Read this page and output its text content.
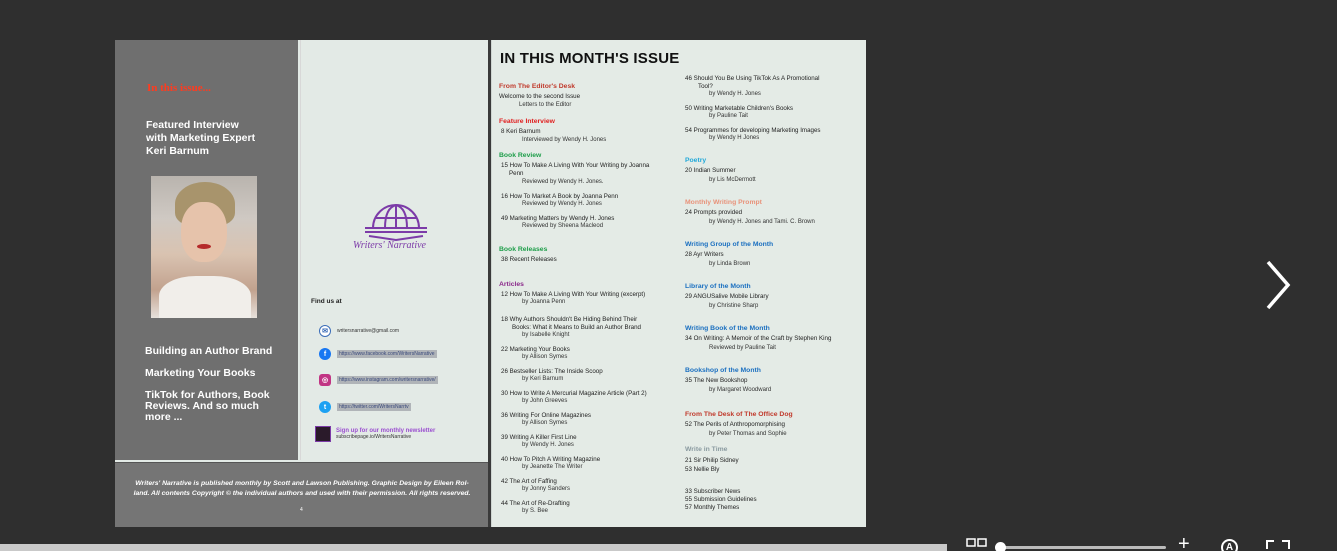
In this issue...
Featured Interview
with Marketing Expert
Keri Barnum
Building an Author Brand
Marketing Your Books
TikTok for Authors, Book
Reviews. And so much
more ...
Writers' Narrative
Find us at
✉	writersnarrative@gmail.com
f	https://www.facebook.com/WritersNarrative
◎	https://www.instagram.com/writersnarrative/
t	https://twitter.com/WritersNarrtv
Sign up for our monthly newsletter
subscribepage.io/WritersNarrative
Writers' Narrative is published monthly by Scott and Lawson Publishing. Graphic Design by Eileen Rol-
land. All contents Copyright © the individual authors and used with their permission. All rights reserved.
4
IN THIS MONTH'S ISSUE
From The Editor's Desk
Welcome to the second Issue
Letters to the Editor
Feature Interview
8 Keri Barnum
Interviewed by Wendy H. Jones
Book Review
15 How To Make A Living With Your Writing by Joanna
Penn
Reviewed by Wendy H. Jones.
16 How To Market A Book by Joanna Penn
Reviewed by Wendy H. Jones
49 Marketing Matters by Wendy H. Jones
Reviewed by Sheena Macleod
Book Releases
38 Recent Releases
Articles
12 How To Make A Living With Your Writing (excerpt)
by Joanna Penn
18 Why Authors Shouldn't Be Hiding Behind Their
Books: What it Means to Build an Author Brand
by Isabelle Knight
22 Marketing Your Books
by Allison Symes
26 Bestseller Lists: The Inside Scoop
by Keri Barnum
30 How to Write A Mercurial Magazine Article (Part 2)
by John Greeves
36 Writing For Online Magazines
by Allison Symes
39 Writing A Killer First Line
by Wendy H. Jones
40 How To Pitch A Writing Magazine
by Jeanette The Writer
42 The Art of Faffing
by Jonny Sanders
44 The Art of Re-Drafting
by S. Bee
46 Should You Be Using TikTok As A Promotional
Tool?
by Wendy H. Jones
50 Writing Marketable Children's Books
by Pauline Tait
54 Programmes for developing Marketing Images
by Wendy H Jones
Poetry
20 Indian Summer
by Lis McDermott
Monthly Writing Prompt
24 Prompts provided
by Wendy H. Jones and Tami. C. Brown
Writing Group of the Month
28 Ayr Writers
by Linda Brown
Library of the Month
29 ANGUSalive Mobile Library
by Christine Sharp
Writing Book of the Month
34 On Writing: A Memoir of the Craft by Stephen King
Reviewed by Pauline Tait
Bookshop of the Month
35 The New Bookshop
by Margaret Woodward
From The Desk of The Office Dog
52 The Perils of Anthropomorphising
by Peter Thomas and Sophie
Write in Time
21 Sir Philip Sidney
53 Nellie Bly
33 Subscriber News
55 Submission Guidelines
57 Monthly Themes
+	A
